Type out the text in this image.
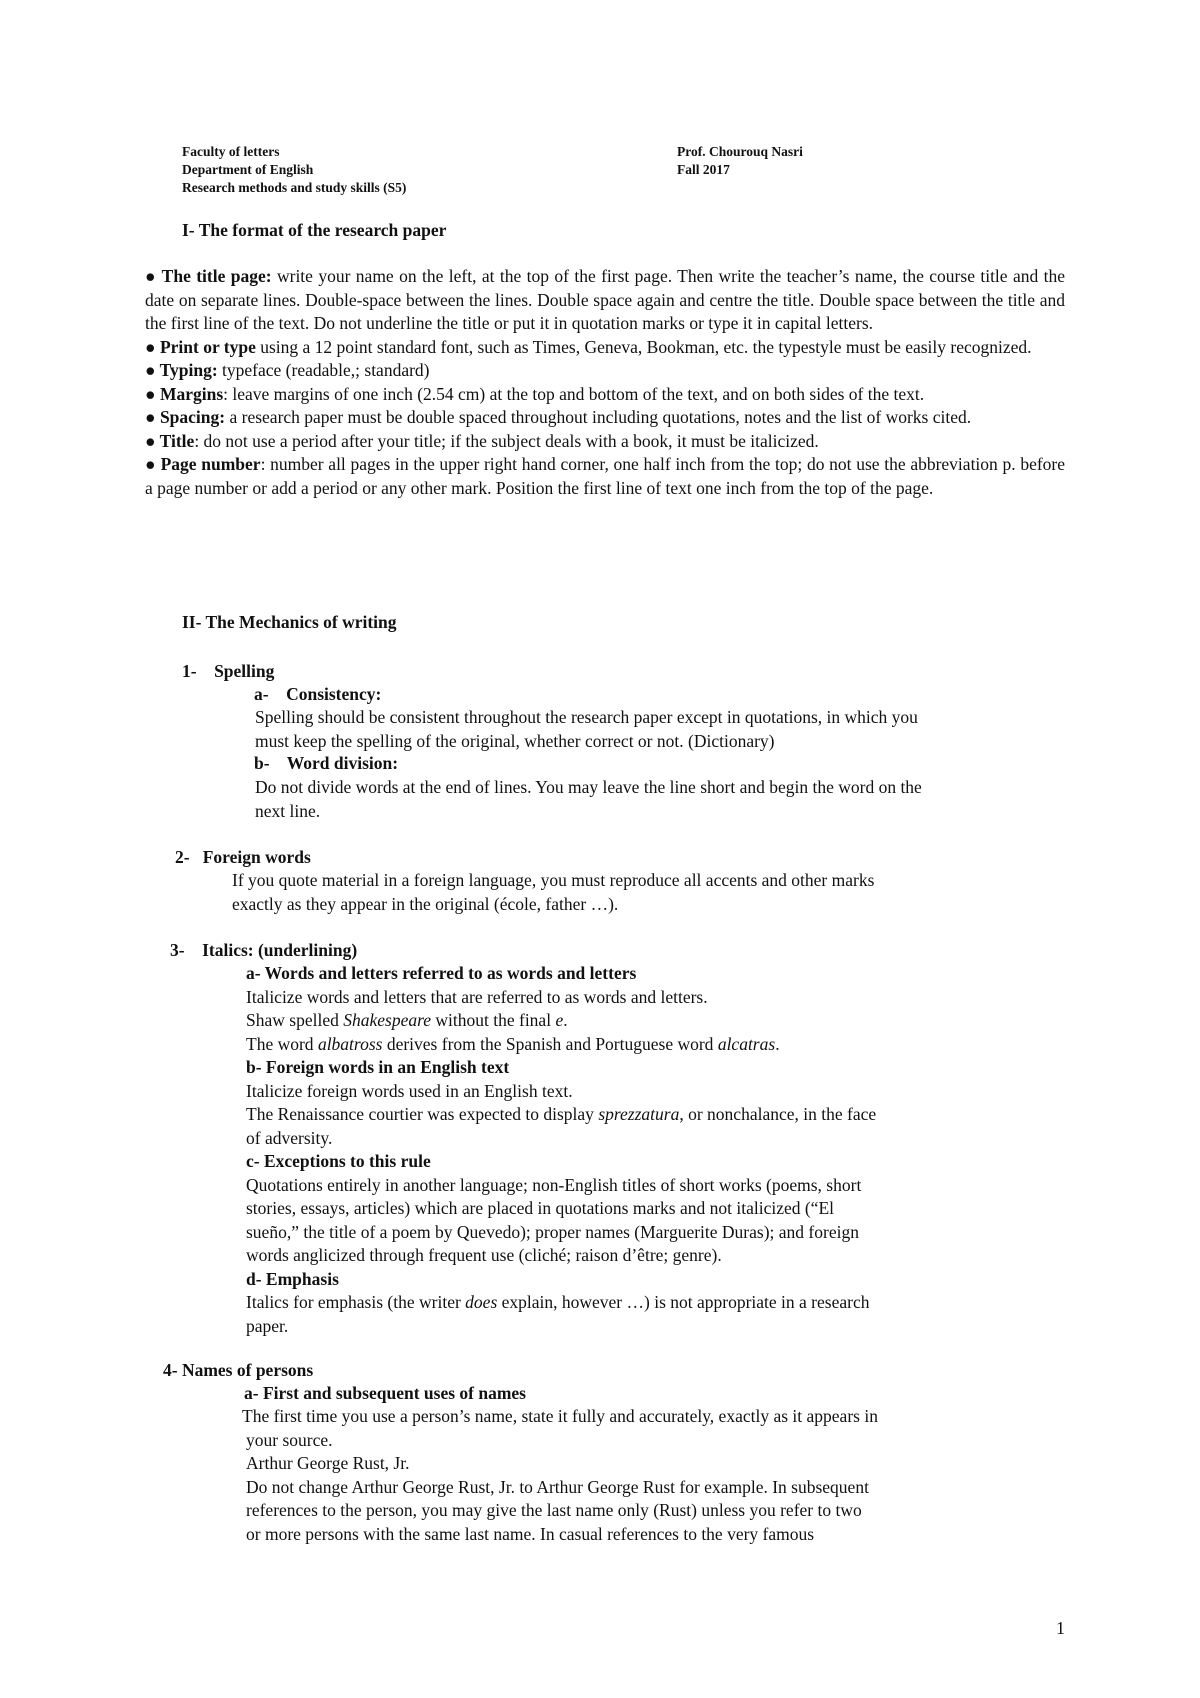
Faculty of letters
Department of English
Research methods and study skills (S5)
Prof. Chourouq Nasri
Fall 2017
I- The format of the research paper

● The title page: write your name on the left, at the top of the first page. Then write the teacher’s name, the course title and the date on separate lines. Double-space between the lines. Double space again and centre the title. Double space between the title and the first line of the text. Do not underline the title or put it in quotation marks or type it in capital letters.

● Print or type using a 12 point standard font, such as Times, Geneva, Bookman, etc. the typestyle must be easily recognized.

● Typing: typeface (readable,; standard)

● Margins: leave margins of one inch (2.54 cm) at the top and bottom of the text, and on both sides of the text.

● Spacing: a research paper must be double spaced throughout including quotations, notes and the list of works cited.

● Title: do not use a period after your title; if the subject deals with a book, it must be italicized.

● Page number: number all pages in the upper right hand corner, one half inch from the top; do not use the abbreviation p. before a page number or add a period or any other mark. Position the first line of text one inch from the top of the page.

II- The Mechanics of writing
1-    Spelling
a-    Consistency:

Spelling should be consistent throughout the research paper except in quotations, in which you

must keep the spelling of the original, whether correct or not. (Dictionary)

b-    Word division:

Do not divide words at the end of lines. You may leave the line short and begin the word on the

next line.

2-   Foreign words

If you quote material in a foreign language, you must reproduce all accents and other marks

exactly as they appear in the original (école, father …).

3-    Italics: (underlining)

a- Words and letters referred to as words and letters

Italicize words and letters that are referred to as words and letters.

Shaw spelled Shakespeare without the final e.

The word albatross derives from the Spanish and Portuguese word alcatras.

b- Foreign words in an English text

Italicize foreign words used in an English text.

The Renaissance courtier was expected to display sprezzatura, or nonchalance, in the face

of adversity.

c- Exceptions to this rule

Quotations entirely in another language; non-English titles of short works (poems, short

stories, essays, articles) which are placed in quotations marks and not italicized (“El

sueño,” the title of a poem by Quevedo); proper names (Marguerite Duras); and foreign

words anglicized through frequent use (cliché; raison d’être; genre).

d- Emphasis

Italics for emphasis (the writer does explain, however …) is not appropriate in a research

paper.

4- Names of persons
a- First and subsequent uses of names

The first time you use a person’s name, state it fully and accurately, exactly as it appears in

your source.

Arthur George Rust, Jr.

Do not change Arthur George Rust, Jr. to Arthur George Rust for example. In subsequent

references to the person, you may give the last name only (Rust) unless you refer to two

or more persons with the same last name. In casual references to the very famous

1
